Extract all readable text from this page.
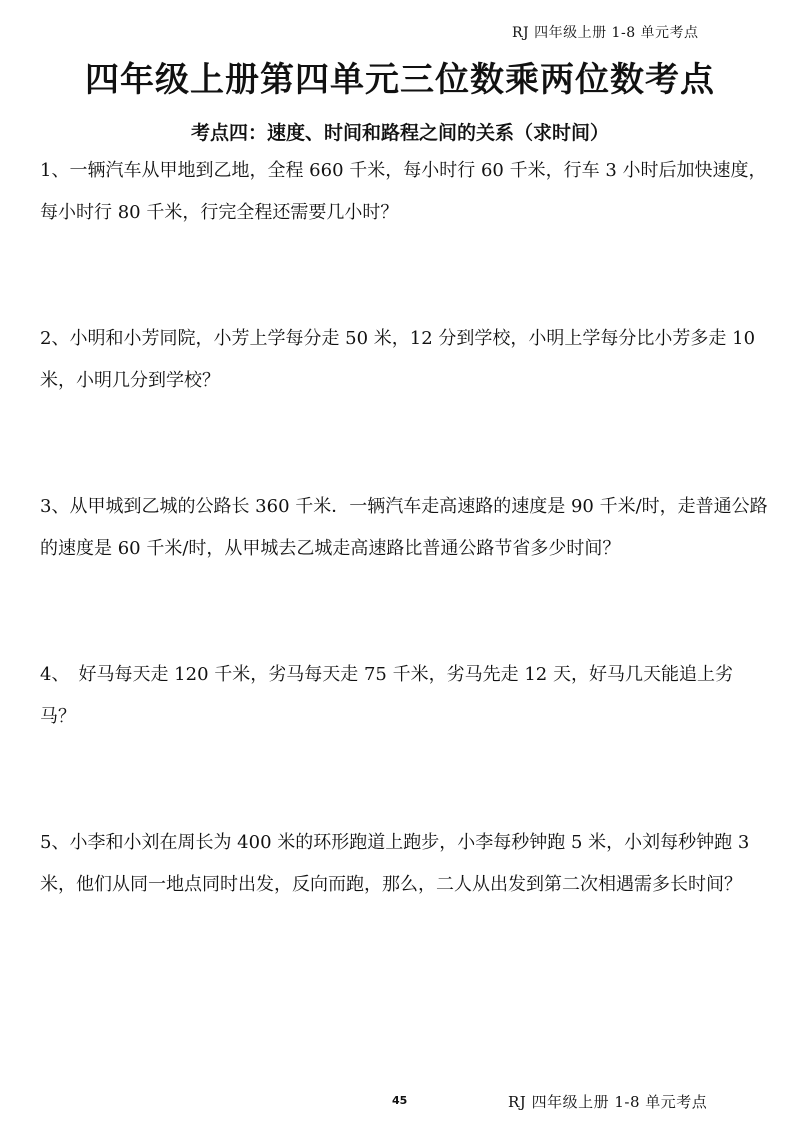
RJ 四年级上册 1-8 单元考点
四年级上册第四单元三位数乘两位数考点
考点四：速度、时间和路程之间的关系（求时间）

1、一辆汽车从甲地到乙地，全程 660 千米，每小时行 60 千米，行车 3 小时后加快速度，每小时行 80 千米，行完全程还需要几小时？

2、小明和小芳同院，小芳上学每分走 50 米，12 分到学校，小明上学每分比小芳多走 10 米，小明几分到学校？

3、从甲城到乙城的公路长 360 千米．一辆汽车走高速路的速度是 90 千米/时，走普通公路的速度是 60 千米/时，从甲城去乙城走高速路比普通公路节省多少时间？

4、　好马每天走 120 千米，劣马每天走 75 千米，劣马先走 12 天，好马几天能追上劣马？

5、小李和小刘在周长为 400 米的环形跑道上跑步，小李每秒钟跑 5 米，小刘每秒钟跑 3 米，他们从同一地点同时出发，反向而跑，那么，二人从出发到第二次相遇需多长时间？

45	RJ 四年级上册 1-8 单元考点
